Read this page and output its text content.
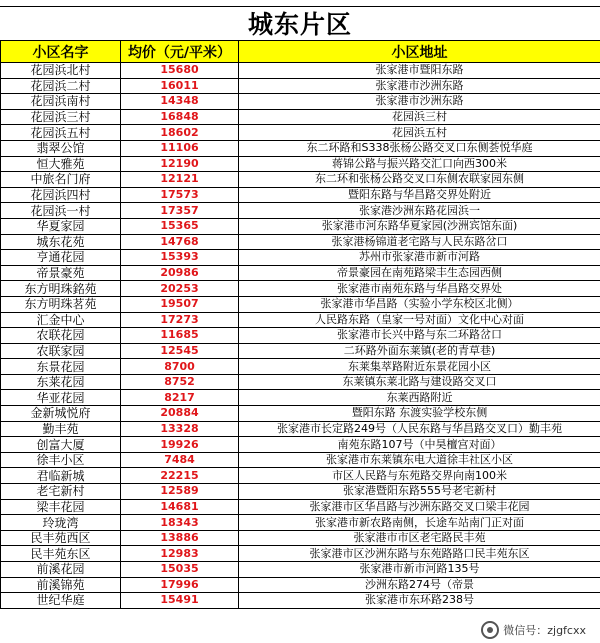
城东片区
小区名字	均价（元/平米）	小区地址
花园浜北村	15680	张家港市暨阳东路
花园浜二村	16011	张家港市沙洲东路
花园浜南村	14348	张家港市沙洲东路
花园浜三村	16848	花园浜三村
花园浜五村	18602	花园浜五村
翡翠公馆	11106	东二环路和S338张杨公路交叉口东侧荟悦华庭
恒大雅苑	12190	蒋锦公路与振兴路交汇口向西300米
中旅名门府	12121	东二环和张杨公路交叉口东侧农联家园东侧
花园浜四村	17573	暨阳东路与华昌路交界处附近
花园浜一村	17357	张家港沙洲东路花园浜一
华夏家园	15365	张家港市河东路华夏家园(沙洲宾馆东面)
城东花苑	14768	张家港杨锦道老宅路与人民东路岔口
亨通花园	15393	苏州市张家港市新市河路
帝景豪苑	20986	帝景豪园在南苑路梁丰生态园西侧
东方明珠銘苑	20253	张家港市南苑东路与华昌路交界处
东方明珠茗苑	19507	张家港市华昌路（实验小学东校区北侧）
汇金中心	17273	人民路东路（皇家一号对面）文化中心对面
农联花园	11685	张家港市长兴中路与东二环路岔口
农联家园	12545	二环路外面东莱镇(老的青草巷)
东景花园	8700	东莱集萃路附近东景花园小区
东莱花园	8752	东莱镇东莱北路与建设路交叉口
华亚花园	8217	东莱西路附近
金新城悦府	20884	暨阳东路 东渡实验学校东侧
勤丰苑	13328	张家港市长定路249号（人民东路与华昌路交叉口）勤丰苑
创富大厦	19926	南苑东路107号（中昊檀宫对面）
徐丰小区	7484	张家港市东莱镇东电大道徐丰社区小区
君临新城	22215	市区人民路与东苑路交界向南100米
老宅新村	12589	张家港暨阳东路555号老宅新村
梁丰花园	14681	张家港市区华昌路与沙洲东路交叉口梁丰花园
玲珑湾	18343	张家港市新农路南侧，长途车站南门正对面
民丰苑西区	13886	张家港市市区老宅路民丰苑
民丰苑东区	12983	张家港市区沙洲东路与东苑路路口民丰苑东区
前溪花园	15035	张家港市新市河路135号
前溪锦苑	17996	沙洲东路274号（帝景
世纪华庭	15491	张家港市东环路238号
微信号：zjgfcxx
